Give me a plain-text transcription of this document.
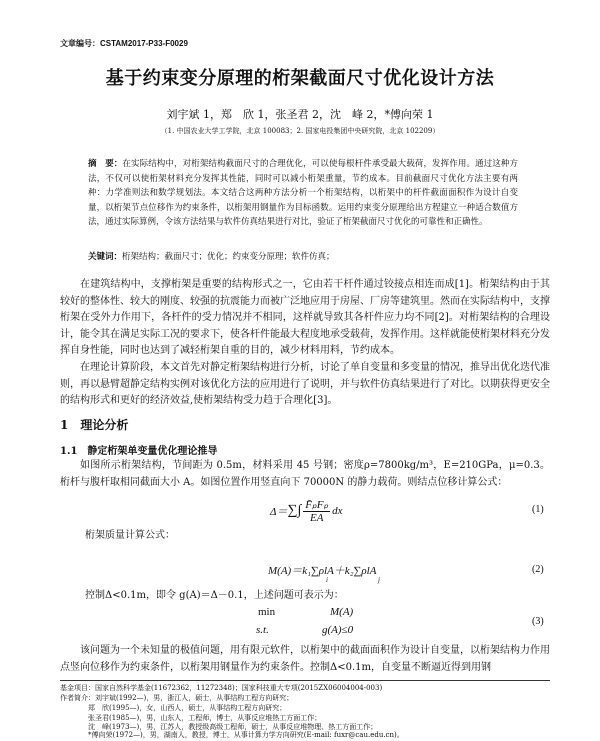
文章编号：CSTAM2017-P33-F0029
基于约束变分原理的桁架截面尺寸优化设计方法
刘宇斌 1，郑　欣 1，张圣君 2，沈　峰 2，*傅向荣 1
（1. 中国农业大学工学院，北京 100083；2. 国家电投集团中央研究院，北京 102209）
摘　要：在实际结构中，对桁架结构截面尺寸的合理优化，可以使每根杆件承受最大载荷，发挥作用。通过这种方法，不仅可以使桁架材料充分发挥其性能，同时可以减小桁架重量，节约成本。目前截面尺寸优化方法主要有两种：力学准则法和数学规划法。本文结合这两种方法分析一个桁架结构，以桁架中的杆件截面面积作为设计自变量，以桁架节点位移作为约束条件，以桁架用钢量作为目标函数。运用约束变分原理给出方程建立一种适合数值方法，通过实际算例，令该方法结果与软件仿真结果进行对比，验证了桁架截面尺寸优化的可靠性和正确性。
关键词：桁架结构；截面尺寸；优化；约束变分原理；软件仿真；
在建筑结构中，支撑桁架是重要的结构形式之一，它由若干杆件通过铰接点相连而成[1]。桁架结构由于其较好的整体性、较大的刚度、较强的抗震能力而被广泛地应用于房屋、厂房等建筑里。然而在实际结构中，支撑桁架在受外力作用下，各杆件的受力情况并不相同，这样就导致其各杆件应力均不同[2]。对桁架结构的合理设计，能令其在满足实际工况的要求下，使各杆件能最大程度地承受载荷，发挥作用。这样就能使桁架材料充分发挥自身性能，同时也达到了减轻桁架自重的目的，减少材料用料，节约成本。
在理论计算阶段，本文首先对静定桁架结构进行分析，讨论了单自变量和多变量的情况，推导出优化迭代准则，再以悬臂超静定结构实例对该优化方法的应用进行了说明，并与软件仿真结果进行了对比。以期获得更安全的结构形式和更好的经济效益,使桁架结构受力趋于合理化[3]。
1 理论分析
1.1 静定桁架单变量优化理论推导
如图所示桁架结构，节间距为 0.5m，材料采用 45 号钢；密度ρ=7800kg/m³，E=210GPa，μ=0.3。桁杆与腹杆取相同截面大小 A。如图位置作用竖直向下 70000N 的静力载荷。则结点位移计算公式：
Δ＝ ∑∫ F̄ₚFₚ
EA
dx	(1)
桁架质量计算公式：
M(A)＝k₁∑ρlA＋k₂∑ρlA
i	j
(2)
控制Δ<0.1m，即令 g(A)＝Δ－0.1，上述问题可表示为：
min	M(A)
s.t.	g(A)≤0
(3)
该问题为一个未知量的极值问题，用有限元软件，以桁架中的截面面积作为设计自变量，以桁架结构力作用点竖向位移作为约束条件，以桁架用钢量作为约束条件。控制Δ<0.1m，自变量不断逼近得到用钢
基金项目：国家自然科学基金(11672362，11272348)；国家科技重大专项(2015ZX06004004-003)
作者简介：刘宇斌(1992—)，男，浙江人，硕士，从事结构工程方向研究；
郑　欣(1995—)，女，山西人，硕士，从事结构工程方向研究；
张圣君(1985—)，男，山东人，工程师，博士，从事反应堆热工方面工作；
沈　峰(1973—)，男，江苏人，教授级高级工程师，硕士，从事反应堆物理、热工方面工作；
*傅向荣(1972—)，男，湖南人，教授，博士，从事计算力学方向研究(E-mail: fuxr@cau.edu.cn)。
